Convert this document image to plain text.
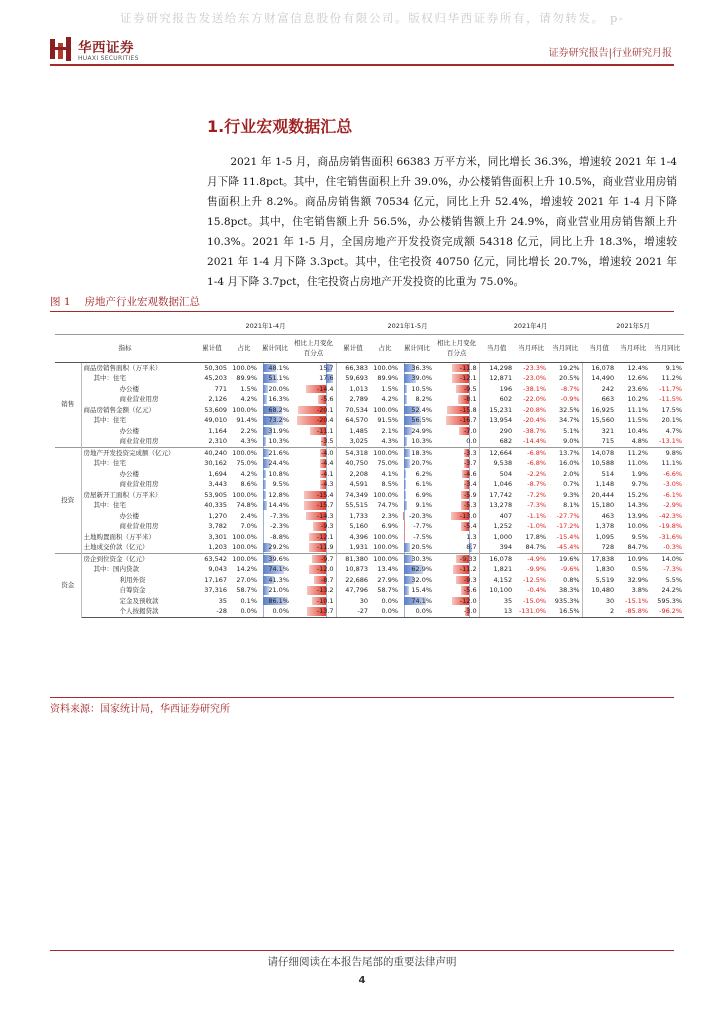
证券研究报告发送给东方财富信息股份有限公司。版权归华西证券所有，请勿转发。 p-
华西证券
HUAXI SECURITIES	证券研究报告|行业研究月报
1.行业宏观数据汇总

2021 年 1-5 月，商品房销售面积 66383 万平方米，同比增长 36.3%，增速较 2021 年 1-4 月下降 11.8pct。其中，住宅销售面积上升 39.0%，办公楼销售面积上升 10.5%，商业营业用房销售面积上升 8.2%。商品房销售额 70534 亿元，同比上升 52.4%，增速较 2021 年 1-4 月下降 15.8pct。其中，住宅销售额上升 56.5%，办公楼销售额上升 24.9%，商业营业用房销售额上升 10.3%。2021 年 1-5 月，全国房地产开发投资完成额 54318 亿元，同比上升 18.3%，增速较 2021 年 1-4 月下降 3.3pct。其中，住宅投资 40750 亿元，同比增长 20.7%，增速较 2021 年 1-4 月下降 3.7pct，住宅投资占房地产开发投资的比重为 75.0%。

图 1 房地产行业宏观数据汇总
		2021年1-4月				2021年1-5月				2021年4月			2021年5月		
指标		累计值	占比	累计同比	相比上月变化百分点	累计值	占比	累计同比	相比上月变化百分点	当月值	当月环比	当月同比	当月值	当月环比	当月同比
销售	商品房销售面积（万平米）	50,305	100.0%	48.1%	15.7	66,383	100.0%	36.3%	-11.8	14,298	-23.3%	19.2%	16,078	12.4%	9.1%
	其中：住宅	45,203	89.9%	51.1%	17.6	59,693	89.9%	39.0%	-12.1	12,871	-23.0%	20.5%	14,490	12.6%	11.2%
	办公楼	771	1.5%	20.0%	-14.4	1,013	1.5%	10.5%	-9.5	196	-38.1%	-8.7%	242	23.6%	-11.7%
	商业营业用房	2,126	4.2%	16.3%	-5.6	2,789	4.2%	8.2%	-8.1	602	-22.0%	-0.9%	663	10.2%	-11.5%
	商品房销售金额（亿元）	53,609	100.0%	68.2%	-20.1	70,534	100.0%	52.4%	-15.8	15,231	-20.8%	32.5%	16,925	11.1%	17.5%
	其中：住宅	49,010	91.4%	73.2%	-20.4	64,570	91.5%	56.5%	-16.7	13,954	-20.4%	34.7%	15,560	11.5%	20.1%
	办公楼	1,164	2.2%	31.9%	-11.1	1,485	2.1%	24.9%	-7.0	290	-38.7%	5.1%	321	10.4%	4.7%
	商业营业用房	2,310	4.3%	10.3%	-3.5	3,025	4.3%	10.3%	0.0	682	-14.4%	9.0%	715	4.8%	-13.1%
投资	房地产开发投资完成额（亿元）	40,240	100.0%	21.6%	-4.0	54,318	100.0%	18.3%	-3.3	12,664	-6.8%	13.7%	14,078	11.2%	9.8%
	其中：住宅	30,162	75.0%	24.4%	-4.4	40,750	75.0%	20.7%	-3.7	9,538	-6.8%	16.0%	10,588	11.0%	11.1%
	办公楼	1,694	4.2%	10.8%	-4.1	2,208	4.1%	6.2%	-4.6	504	-2.2%	2.0%	514	1.9%	-6.6%
	商业营业用房	3,443	8.6%	9.5%	-4.3	4,591	8.5%	6.1%	-3.4	1,046	-8.7%	0.7%	1,148	9.7%	-3.0%
	房屋新开工面积（万平米）	53,905	100.0%	12.8%	-15.4	74,349	100.0%	6.9%	-5.9	17,742	-7.2%	9.3%	20,444	15.2%	-6.1%
	其中：住宅	40,335	74.8%	14.4%	-15.7	55,515	74.7%	9.1%	-5.3	13,278	-7.3%	8.1%	15,180	14.3%	-2.9%
	办公楼	1,270	2.4%	-7.3%	-14.3	1,733	2.3%	-20.3%	-13.0	407	-1.1%	-27.7%	463	13.9%	-42.3%
	商业营业用房	3,782	7.0%	-2.3%	-9.3	5,160	6.9%	-7.7%	-5.4	1,252	-1.0%	-17.2%	1,378	10.0%	-19.8%
	土地购置面积（万平米）	3,301	100.0%	-8.8%	-12.1	4,396	100.0%	-7.5%	1.3	1,000	17.8%	-15.4%	1,095	9.5%	-31.6%
	土地成交价款（亿元）	1,203	100.0%	29.2%	-11.9	1,931	100.0%	20.5%	8.7	394	84.7%	-45.4%	728	84.7%	-0.3%
资金	房企到位资金（亿元）	63,542	100.0%	39.6%	-9.7	81,380	100.0%	30.3%	-9.33	16,078	-4.9%	19.6%	17,838	10.9%	14.0%
	其中：国内贷款	9,043	14.2%	74.1%	-12.0	10,873	13.4%	62.9%	-11.2	1,821	-9.9%	-9.6%	1,830	0.5%	-7.3%
	利用外资	17,167	27.0%	41.3%	-8.7	22,686	27.9%	32.0%	-9.3	4,152	-12.5%	0.8%	5,519	32.9%	5.5%
	自筹资金	37,316	58.7%	21.0%	-13.2	47,796	58.7%	15.4%	-5.6	10,100	-0.4%	38.3%	10,480	3.8%	24.2%
	定金及预收款	35	0.1%	86.1%	-10.1	30	0.0%	74.1%	-12.0	35	-15.0%	935.3%	30	-15.1%	595.3%
	个人按揭贷款	-28	0.0%	0.0%	-13.7	-27	0.0%	0.0%	-3.0	13	-131.0%	16.5%	2	-85.8%	-96.2%
资料来源：国家统计局，华西证券研究所
请仔细阅读在本报告尾部的重要法律声明
4
